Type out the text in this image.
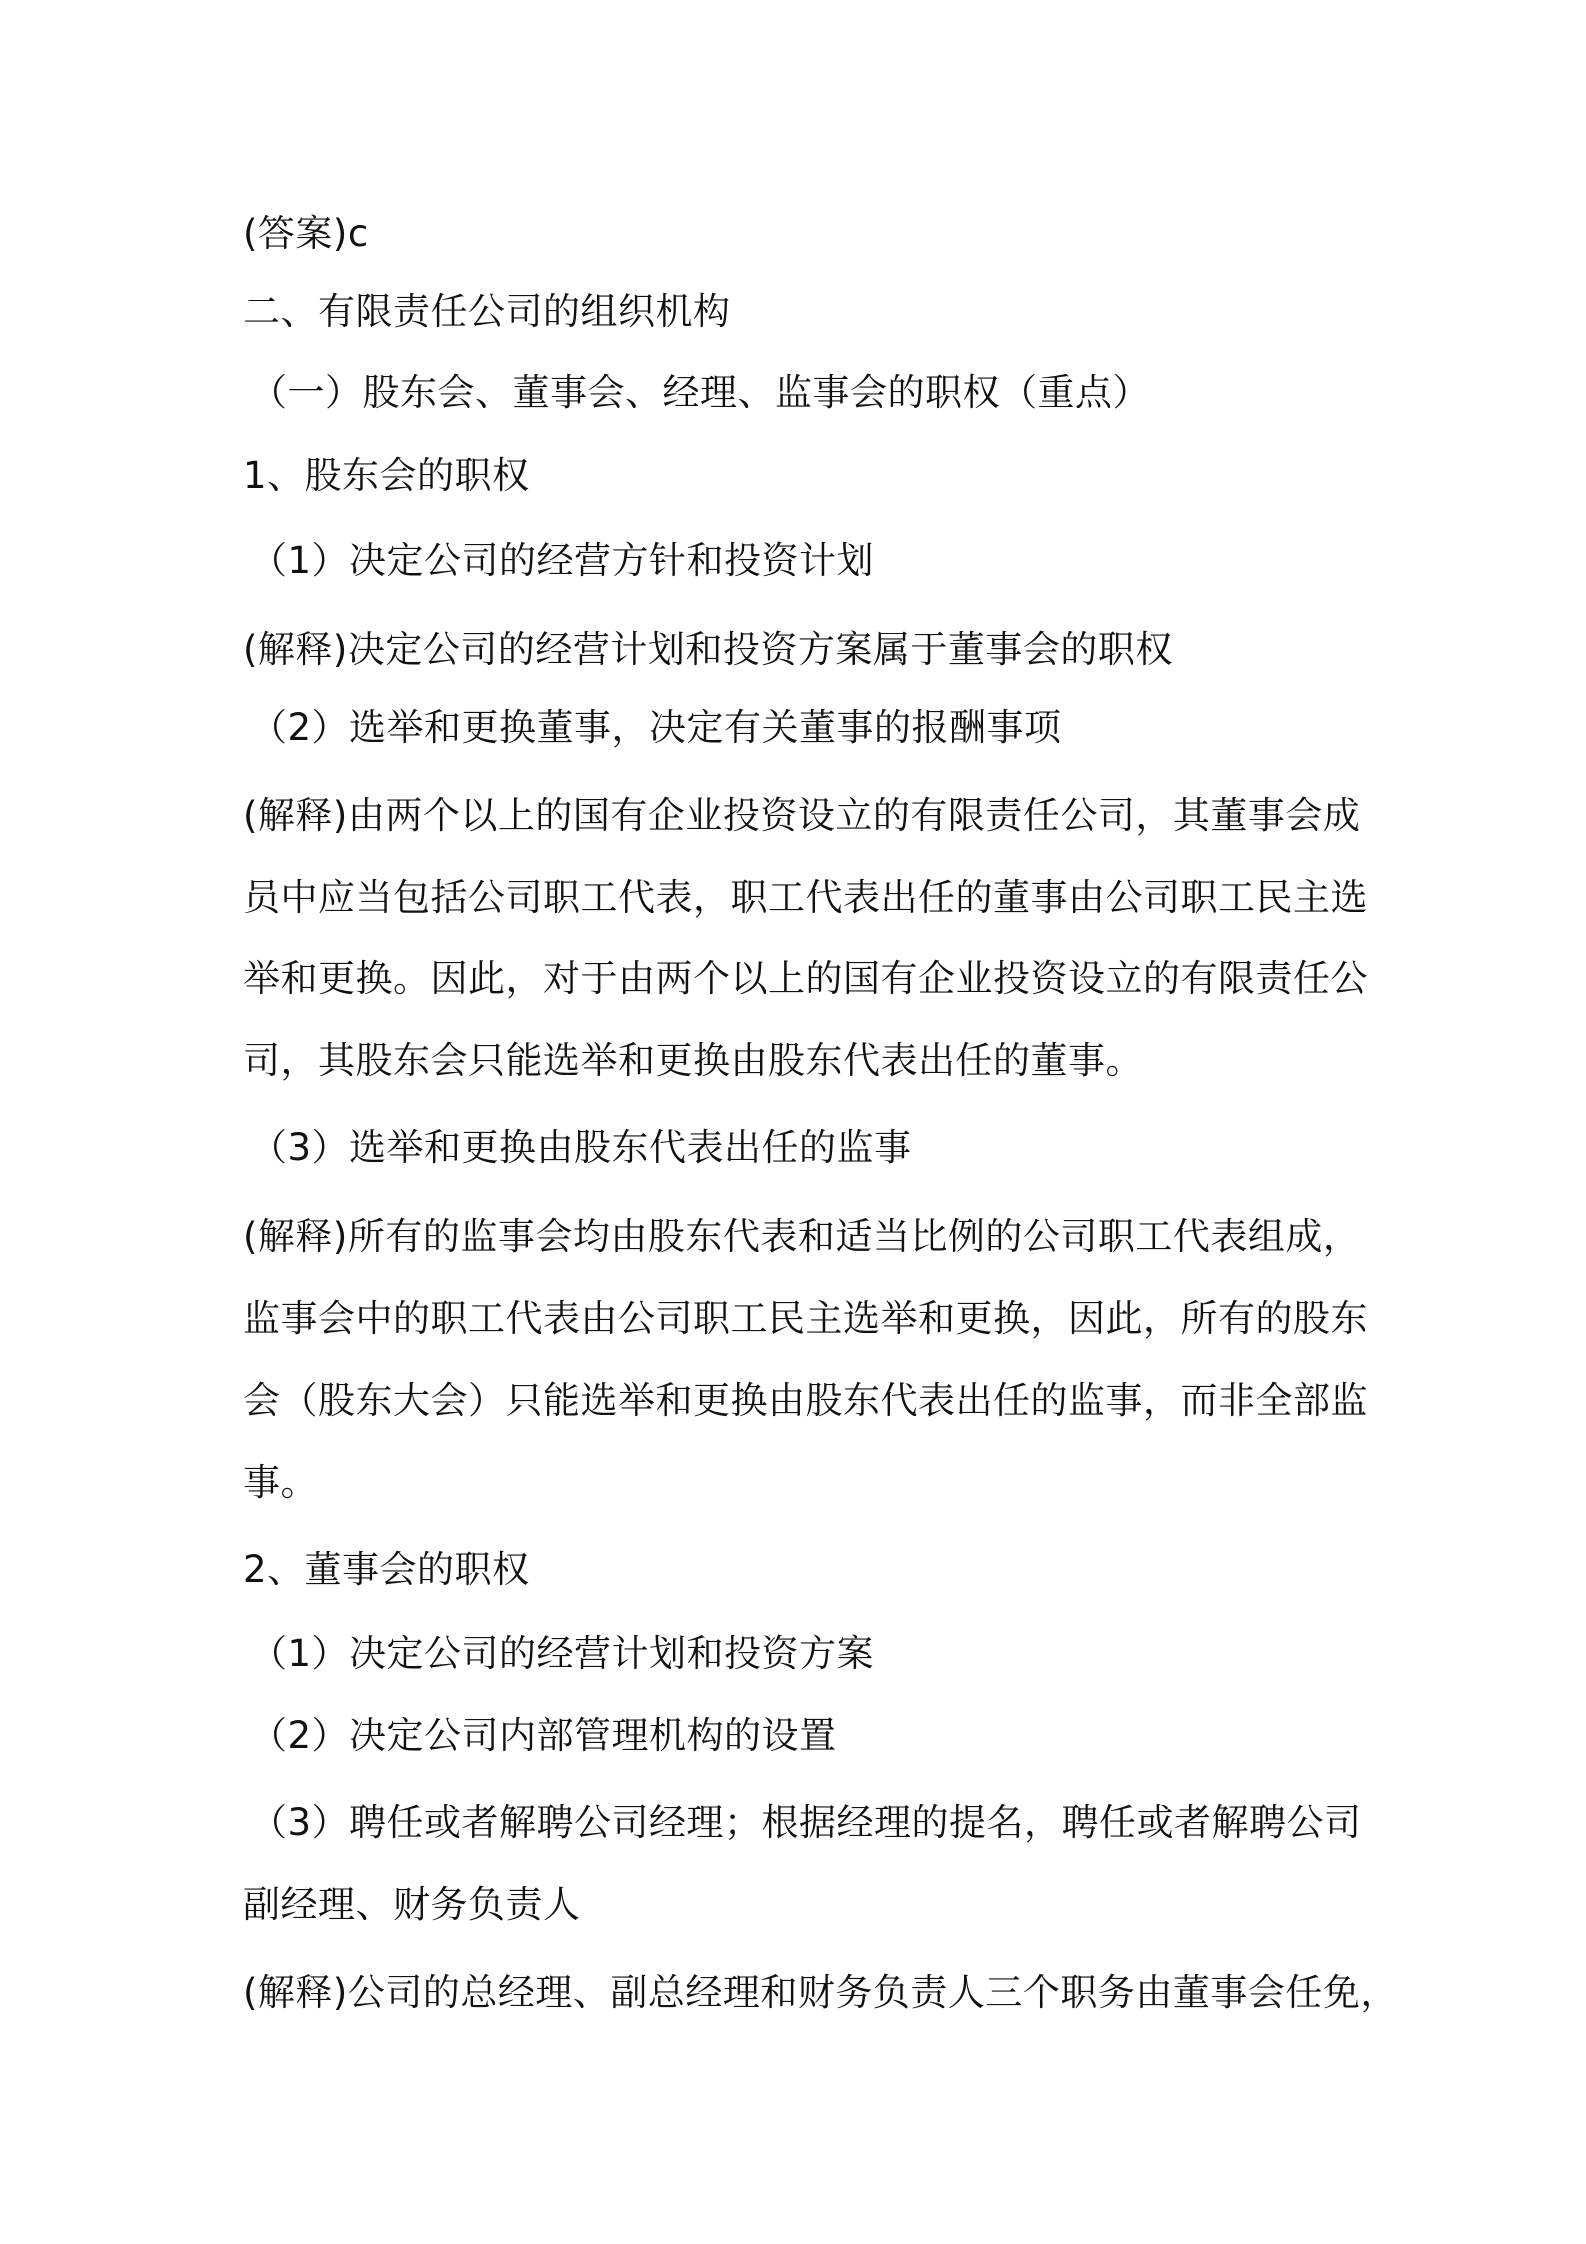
(答案)c
二、有限责任公司的组织机构
（一）股东会、董事会、经理、监事会的职权（重点）
1、股东会的职权
（1）决定公司的经营方针和投资计划
(解释)决定公司的经营计划和投资方案属于董事会的职权
（2）选举和更换董事，决定有关董事的报酬事项
(解释)由两个以上的国有企业投资设立的有限责任公司，其董事会成
员中应当包括公司职工代表，职工代表出任的董事由公司职工民主选
举和更换。因此，对于由两个以上的国有企业投资设立的有限责任公
司，其股东会只能选举和更换由股东代表出任的董事。
（3）选举和更换由股东代表出任的监事
(解释)所有的监事会均由股东代表和适当比例的公司职工代表组成，
监事会中的职工代表由公司职工民主选举和更换，因此，所有的股东
会（股东大会）只能选举和更换由股东代表出任的监事，而非全部监
事。
2、董事会的职权
（1）决定公司的经营计划和投资方案
（2）决定公司内部管理机构的设置
（3）聘任或者解聘公司经理；根据经理的提名，聘任或者解聘公司
副经理、财务负责人
(解释)公司的总经理、副总经理和财务负责人三个职务由董事会任免，
